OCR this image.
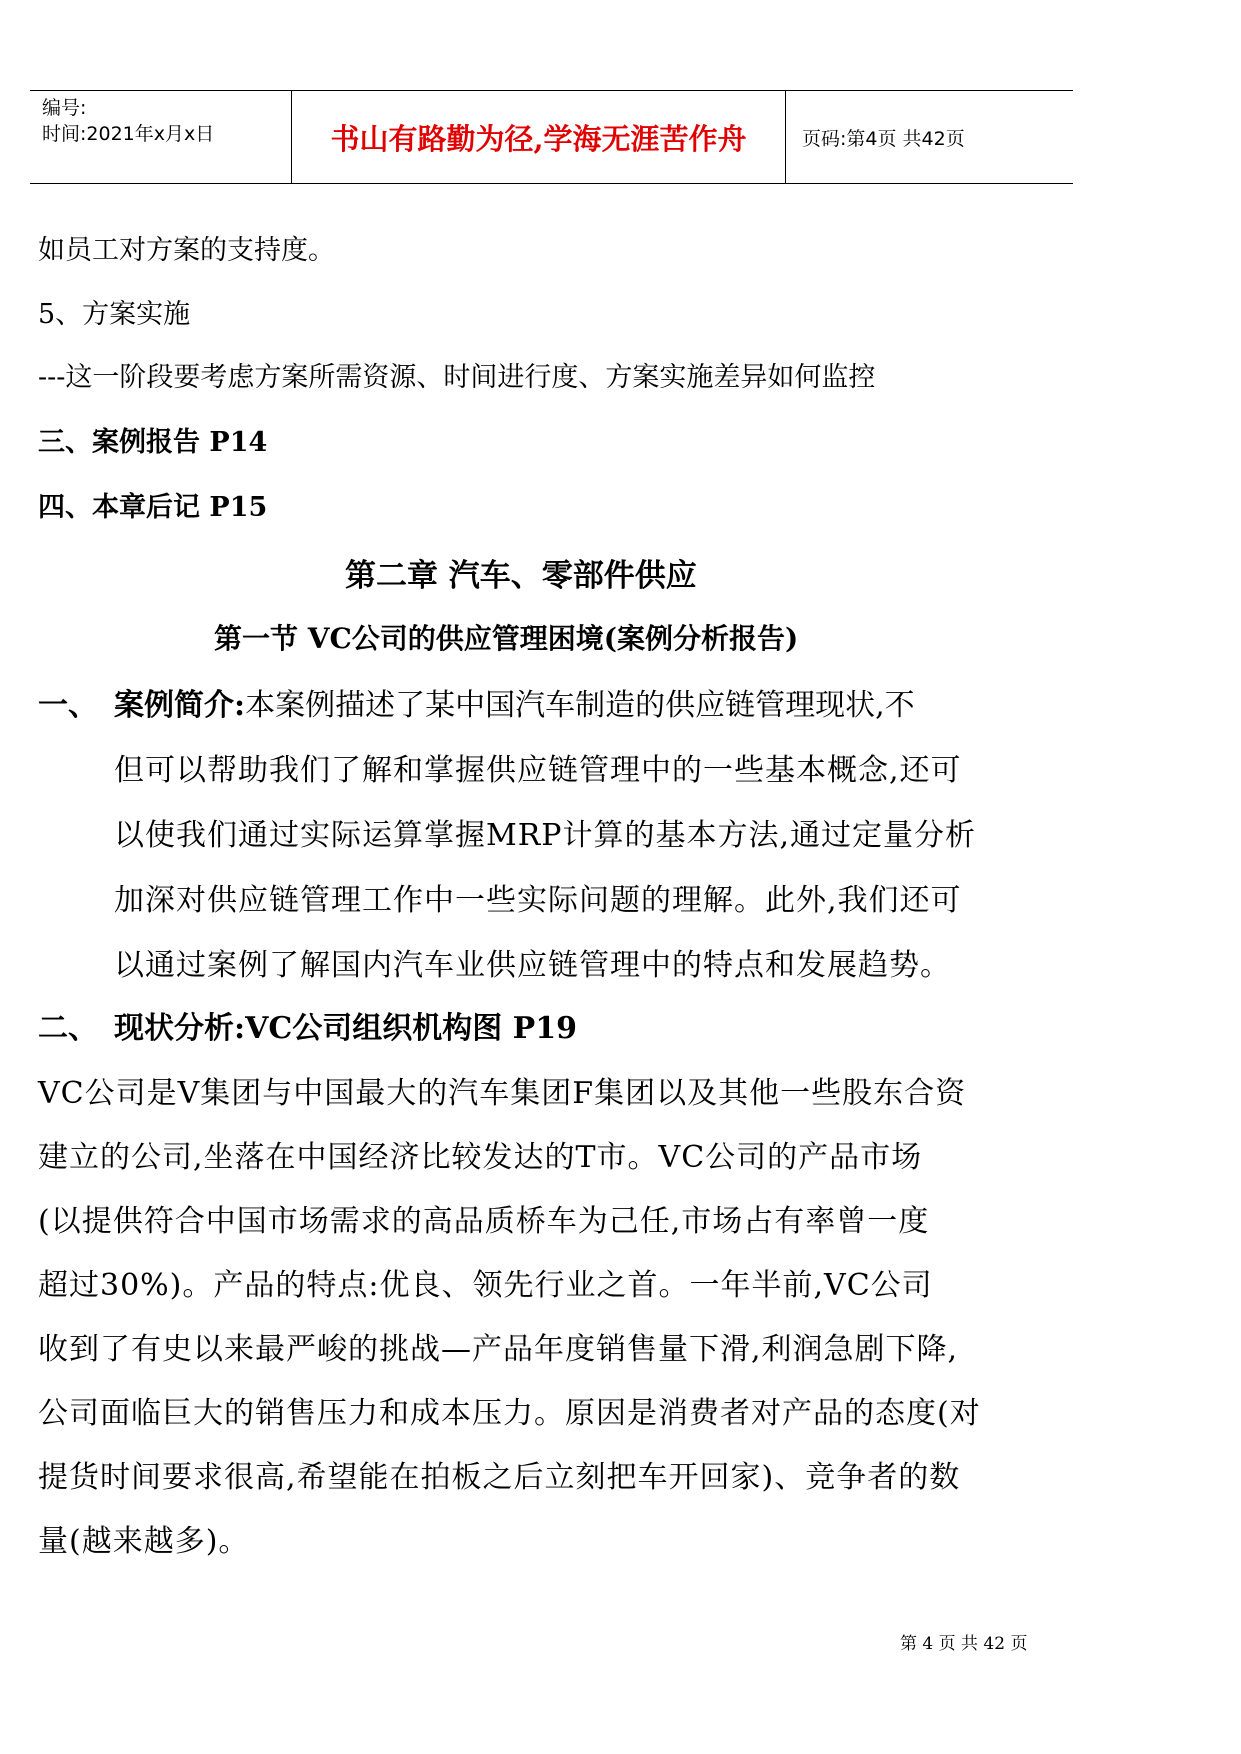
编号:
时间:2021年x月x日	书山有路勤为径,学海无涯苦作舟	页码:第4页 共42页
如员工对方案的支持度。
5、方案实施
---这一阶段要考虑方案所需资源、时间进行度、方案实施差异如何监控
三、案例报告 P14
四、本章后记 P15
第二章 汽车、零部件供应
第一节 VC公司的供应管理困境(案例分析报告)
一、 案例简介:本案例描述了某中国汽车制造的供应链管理现状,不
但可以帮助我们了解和掌握供应链管理中的一些基本概念,还可
以使我们通过实际运算掌握MRP计算的基本方法,通过定量分析
加深对供应链管理工作中一些实际问题的理解。此外,我们还可
以通过案例了解国内汽车业供应链管理中的特点和发展趋势。
二、 现状分析:VC公司组织机构图 P19
VC公司是V集团与中国最大的汽车集团F集团以及其他一些股东合资
建立的公司,坐落在中国经济比较发达的T市。VC公司的产品市场
(以提供符合中国市场需求的高品质桥车为己任,市场占有率曾一度
超过30%)。产品的特点:优良、领先行业之首。一年半前,VC公司
收到了有史以来最严峻的挑战—产品年度销售量下滑,利润急剧下降,
公司面临巨大的销售压力和成本压力。原因是消费者对产品的态度(对
提货时间要求很高,希望能在拍板之后立刻把车开回家)、竞争者的数
量(越来越多)。
第 4 页 共 42 页
